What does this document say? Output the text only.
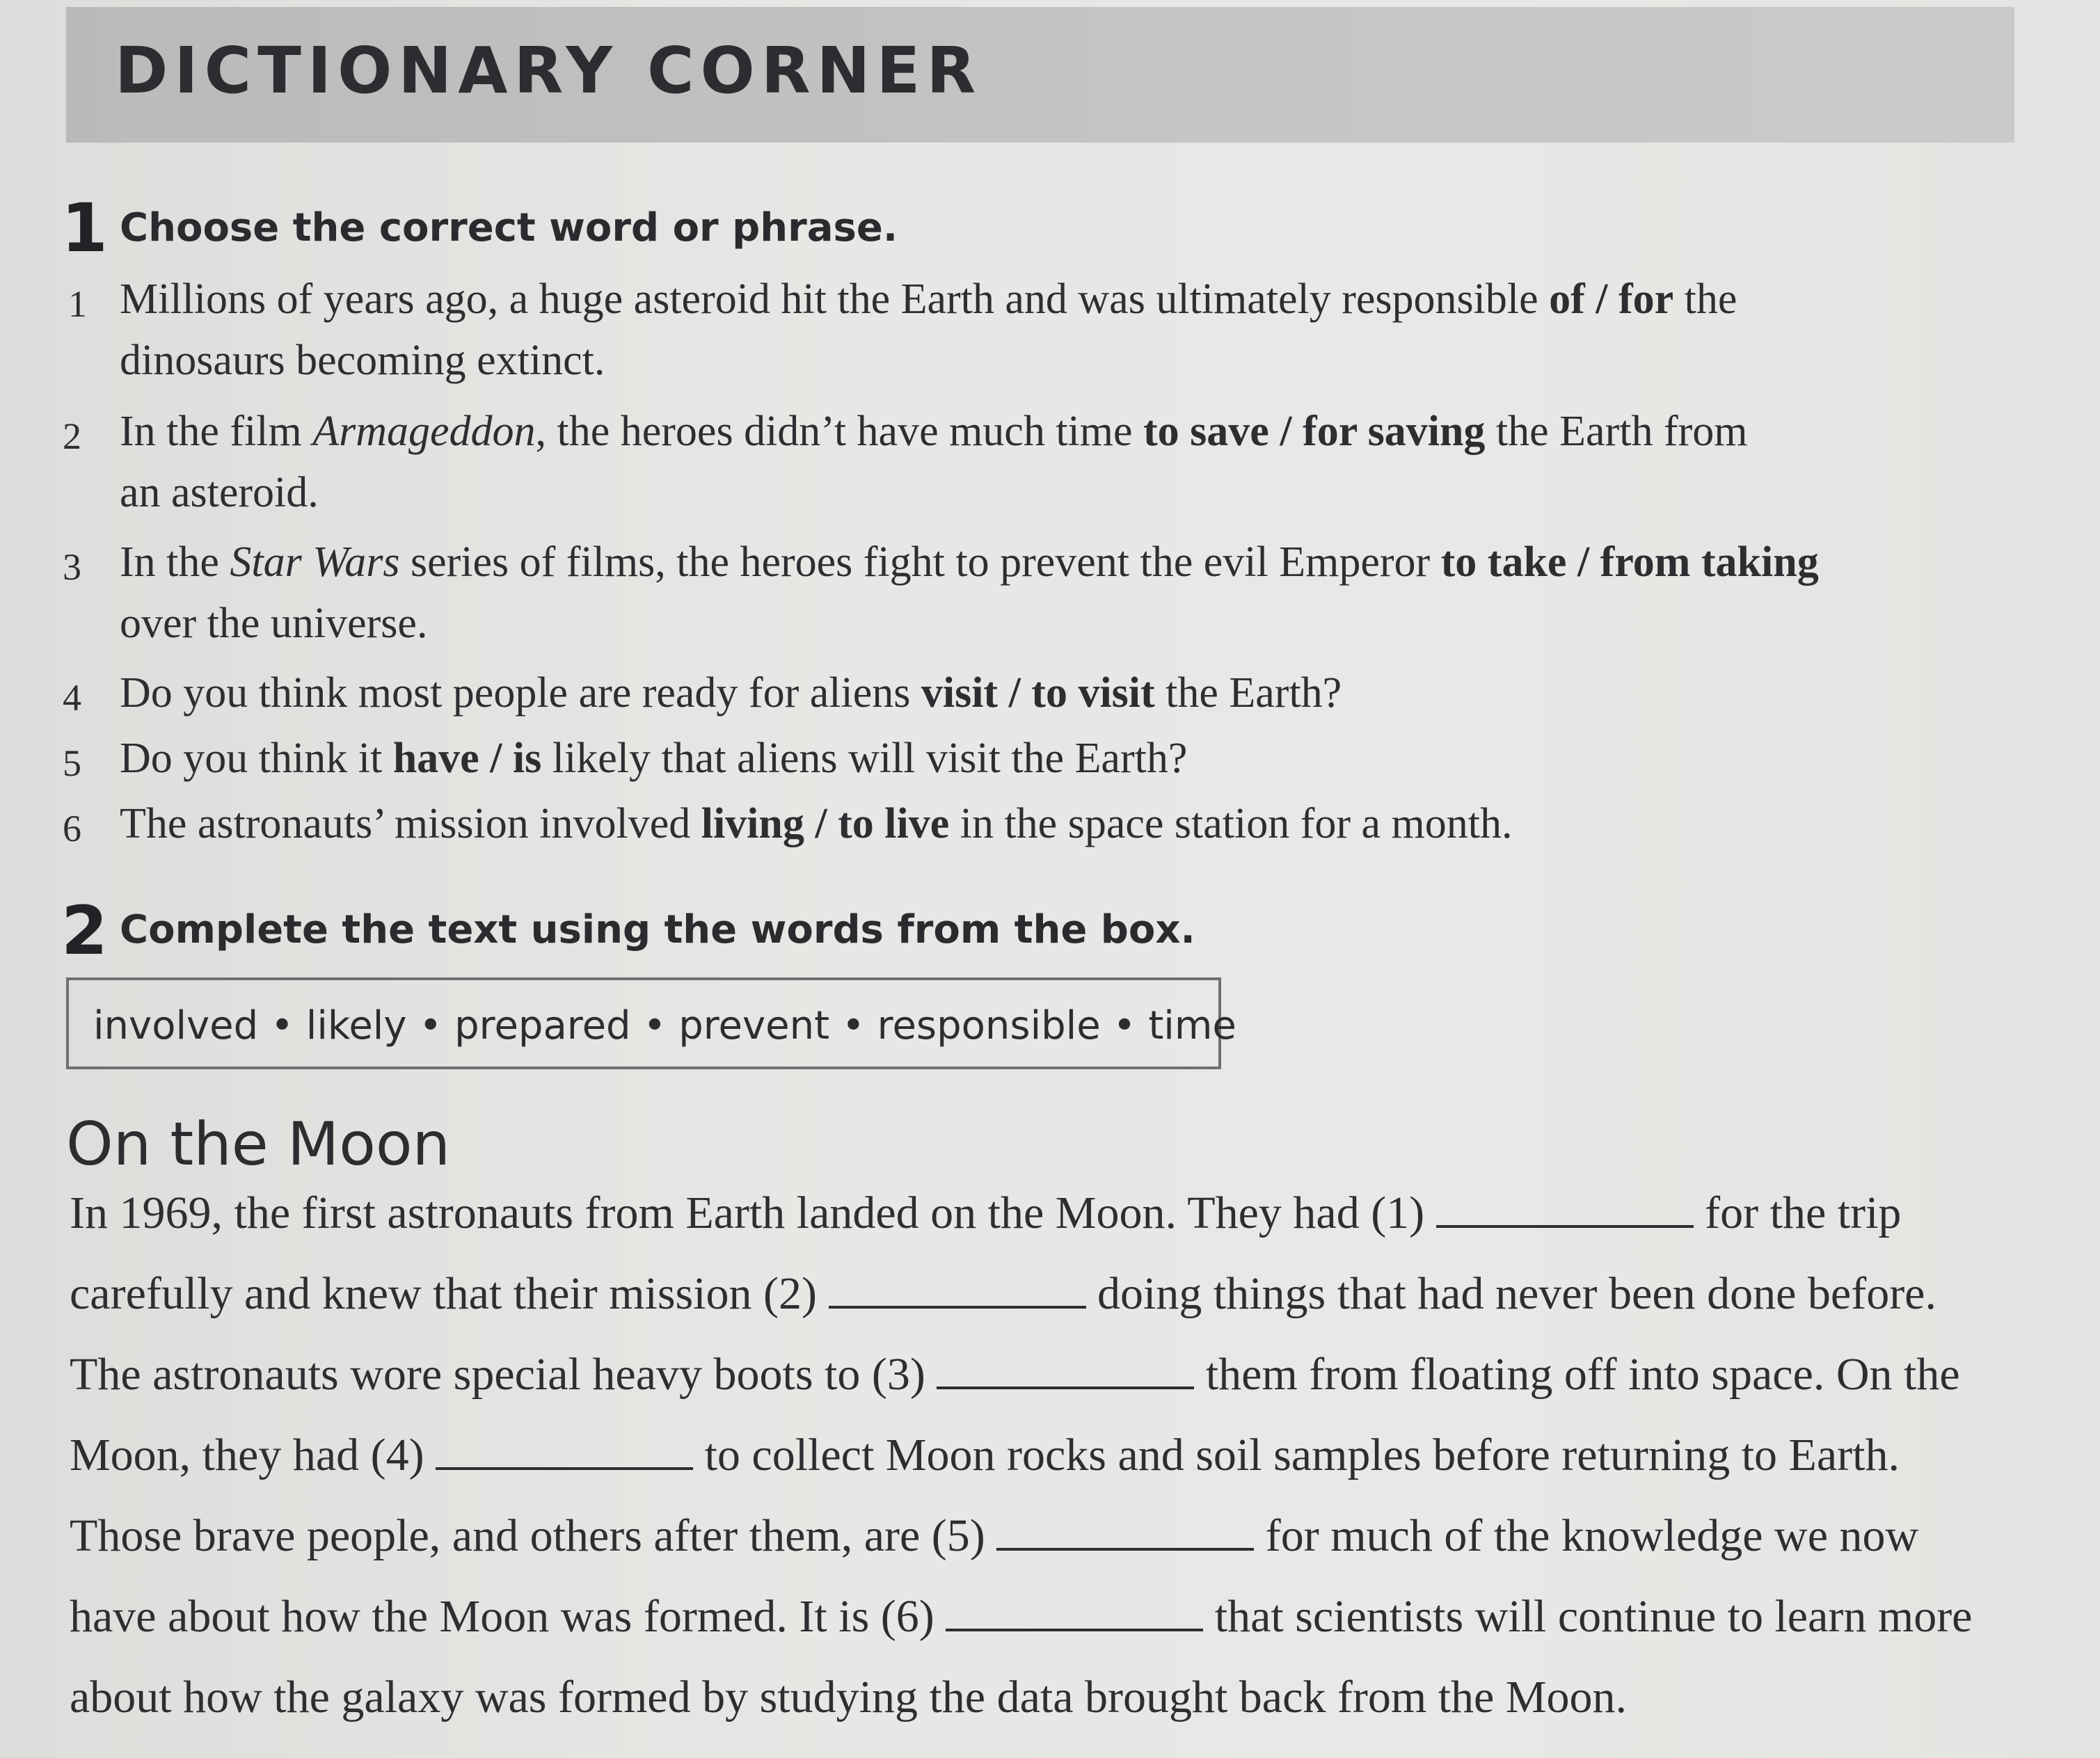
DICTIONARY CORNER
1 Choose the correct word or phrase.
1 Millions of years ago, a huge asteroid hit the Earth and was ultimately responsible of / for the
dinosaurs becoming extinct.
2 In the film Armageddon, the heroes didn’t have much time to save / for saving the Earth from
an asteroid.
3 In the Star Wars series of films, the heroes fight to prevent the evil Emperor to take / from taking
over the universe.
4 Do you think most people are ready for aliens visit / to visit the Earth?
5 Do you think it have / is likely that aliens will visit the Earth?
6 The astronauts’ mission involved living / to live in the space station for a month.
2 Complete the text using the words from the box.
involved • likely • prepared • prevent • responsible • time
On the Moon
In 1969, the first astronauts from Earth landed on the Moon. They had (1)	for the trip
carefully and knew that their mission (2)	doing things that had never been done before.
The astronauts wore special heavy boots to (3)	them from floating off into space. On the
Moon, they had (4)	to collect Moon rocks and soil samples before returning to Earth.
Those brave people, and others after them, are (5)	for much of the knowledge we now
have about how the Moon was formed. It is (6)	that scientists will continue to learn more
about how the galaxy was formed by studying the data brought back from the Moon.
